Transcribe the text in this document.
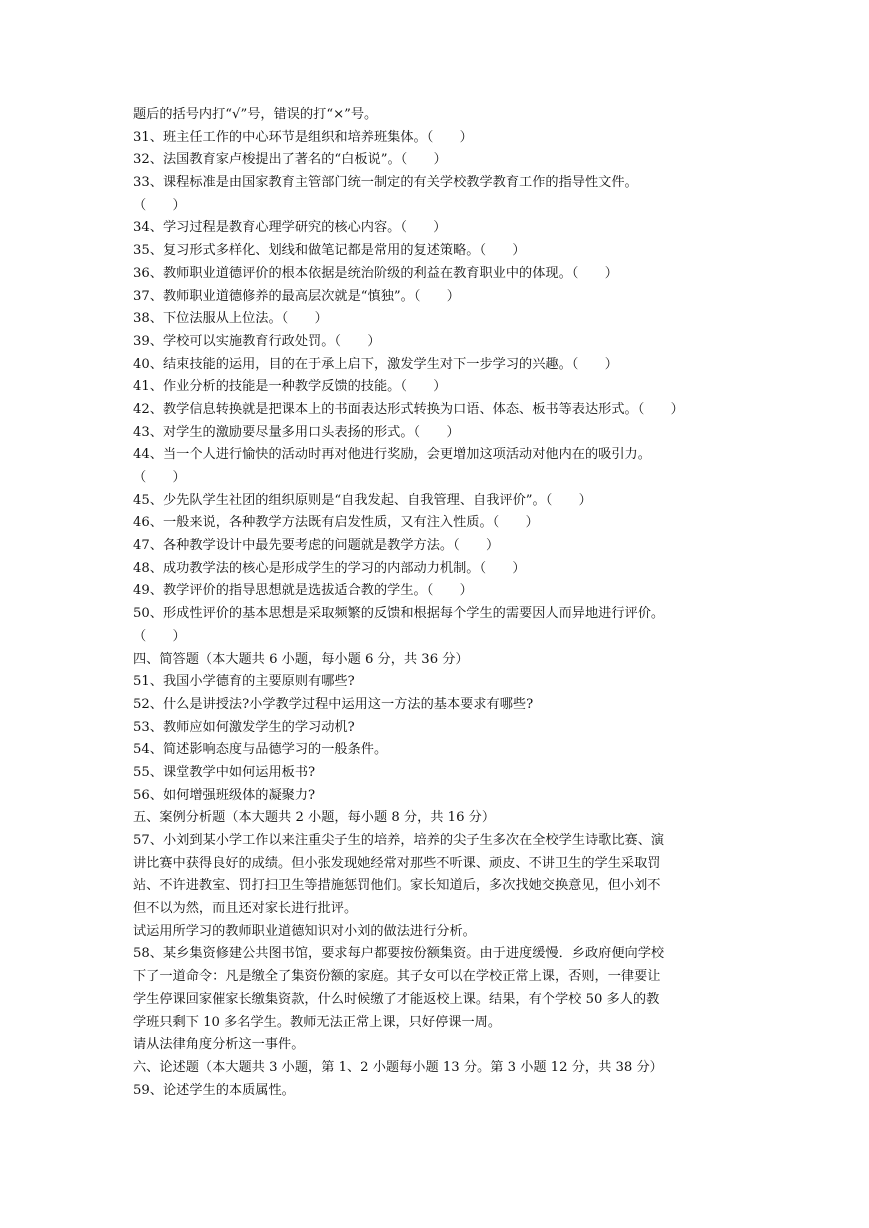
题后的括号内打“√”号，错误的打“×”号。
31、班主任工作的中心环节是组织和培养班集体。（　　）
32、法国教育家卢梭提出了著名的“白板说”。（　　）
33、课程标准是由国家教育主管部门统一制定的有关学校教学教育工作的指导性文件。
（　　）
34、学习过程是教育心理学研究的核心内容。（　　）
35、复习形式多样化、划线和做笔记都是常用的复述策略。（　　）
36、教师职业道德评价的根本依据是统治阶级的利益在教育职业中的体现。（　　）
37、教师职业道德修养的最高层次就是“慎独”。（　　）
38、下位法服从上位法。（　　）
39、学校可以实施教育行政处罚。（　　）
40、结束技能的运用，目的在于承上启下，激发学生对下一步学习的兴趣。（　　）
41、作业分析的技能是一种教学反馈的技能。（　　）
42、教学信息转换就是把课本上的书面表达形式转换为口语、体态、板书等表达形式。（　　）
43、对学生的激励要尽量多用口头表扬的形式。（　　）
44、当一个人进行愉快的活动时再对他进行奖励，会更增加这项活动对他内在的吸引力。
（　　）
45、少先队学生社团的组织原则是“自我发起、自我管理、自我评价”。（　　）
46、一般来说，各种教学方法既有启发性质，又有注入性质。（　　）
47、各种教学设计中最先要考虑的问题就是教学方法。（　　）
48、成功教学法的核心是形成学生的学习的内部动力机制。（　　）
49、教学评价的指导思想就是选拔适合教的学生。（　　）
50、形成性评价的基本思想是采取频繁的反馈和根据每个学生的需要因人而异地进行评价。
（　　）
四、简答题（本大题共 6 小题，每小题 6 分，共 36 分）
51、我国小学德育的主要原则有哪些?
52、什么是讲授法?小学教学过程中运用这一方法的基本要求有哪些?
53、教师应如何激发学生的学习动机?
54、简述影响态度与品德学习的一般条件。
55、课堂教学中如何运用板书?
56、如何增强班级体的凝聚力?
五、案例分析题（本大题共 2 小题，每小题 8 分，共 16 分）
57、小刘到某小学工作以来注重尖子生的培养，培养的尖子生多次在全校学生诗歌比赛、演
讲比赛中获得良好的成绩。但小张发现她经常对那些不听课、顽皮、不讲卫生的学生采取罚
站、不许进教室、罚打扫卫生等措施惩罚他们。家长知道后，多次找她交换意见，但小刘不
但不以为然，而且还对家长进行批评。
试运用所学习的教师职业道德知识对小刘的做法进行分析。
58、某乡集资修建公共图书馆，要求每户都要按份额集资。由于进度缓慢．乡政府便向学校
下了一道命令：凡是缴全了集资份额的家庭。其子女可以在学校正常上课，否则，一律要让
学生停课回家催家长缴集资款，什么时候缴了才能返校上课。结果，有个学校 50 多人的教
学班只剩下 10 多名学生。教师无法正常上课，只好停课一周。
请从法律角度分析这一事件。
六、论述题（本大题共 3 小题，第 1、2 小题每小题 13 分。第 3 小题 12 分，共 38 分）
59、论述学生的本质属性。
